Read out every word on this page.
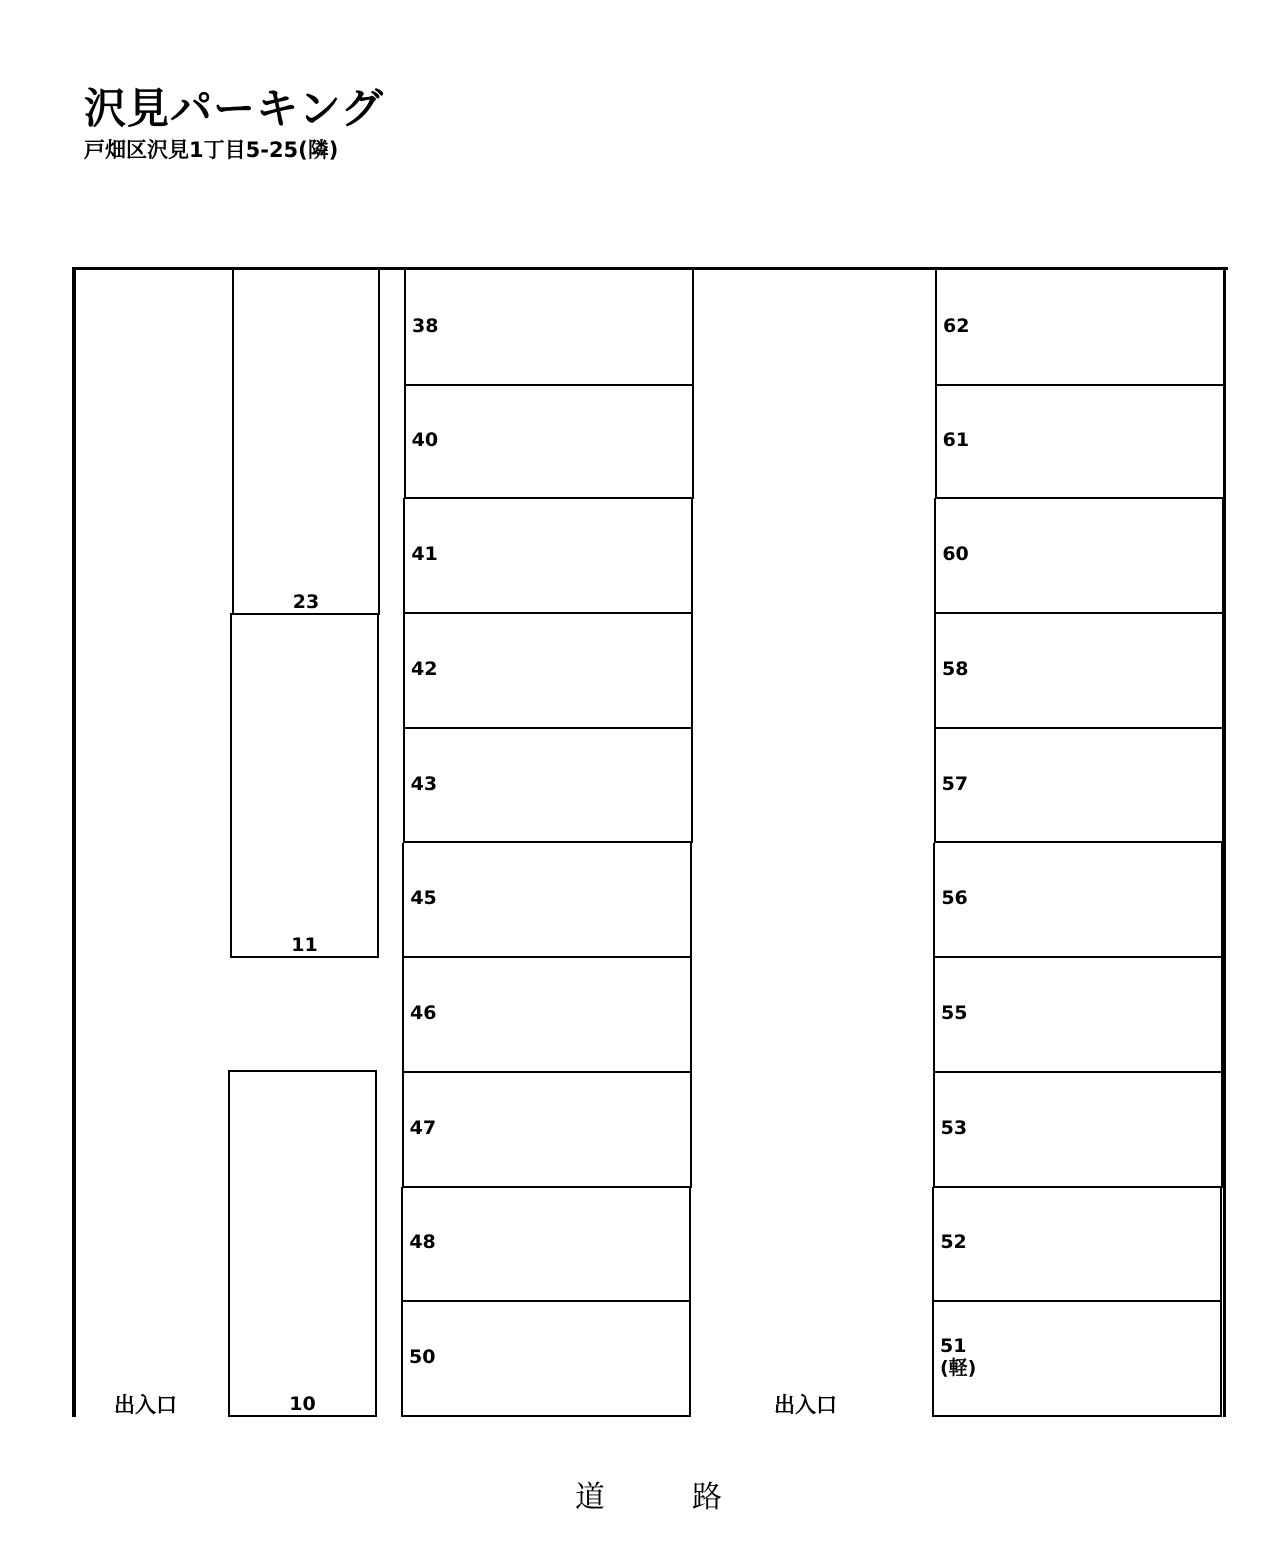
沢見パーキング
戸畑区沢見1丁目5-25(隣)
23
11
10
38
40
41
42
43
45
46
47
48
50
62
61
60
58
57
56
55
53
52
51
(軽)
出入口	出入口
道	路
